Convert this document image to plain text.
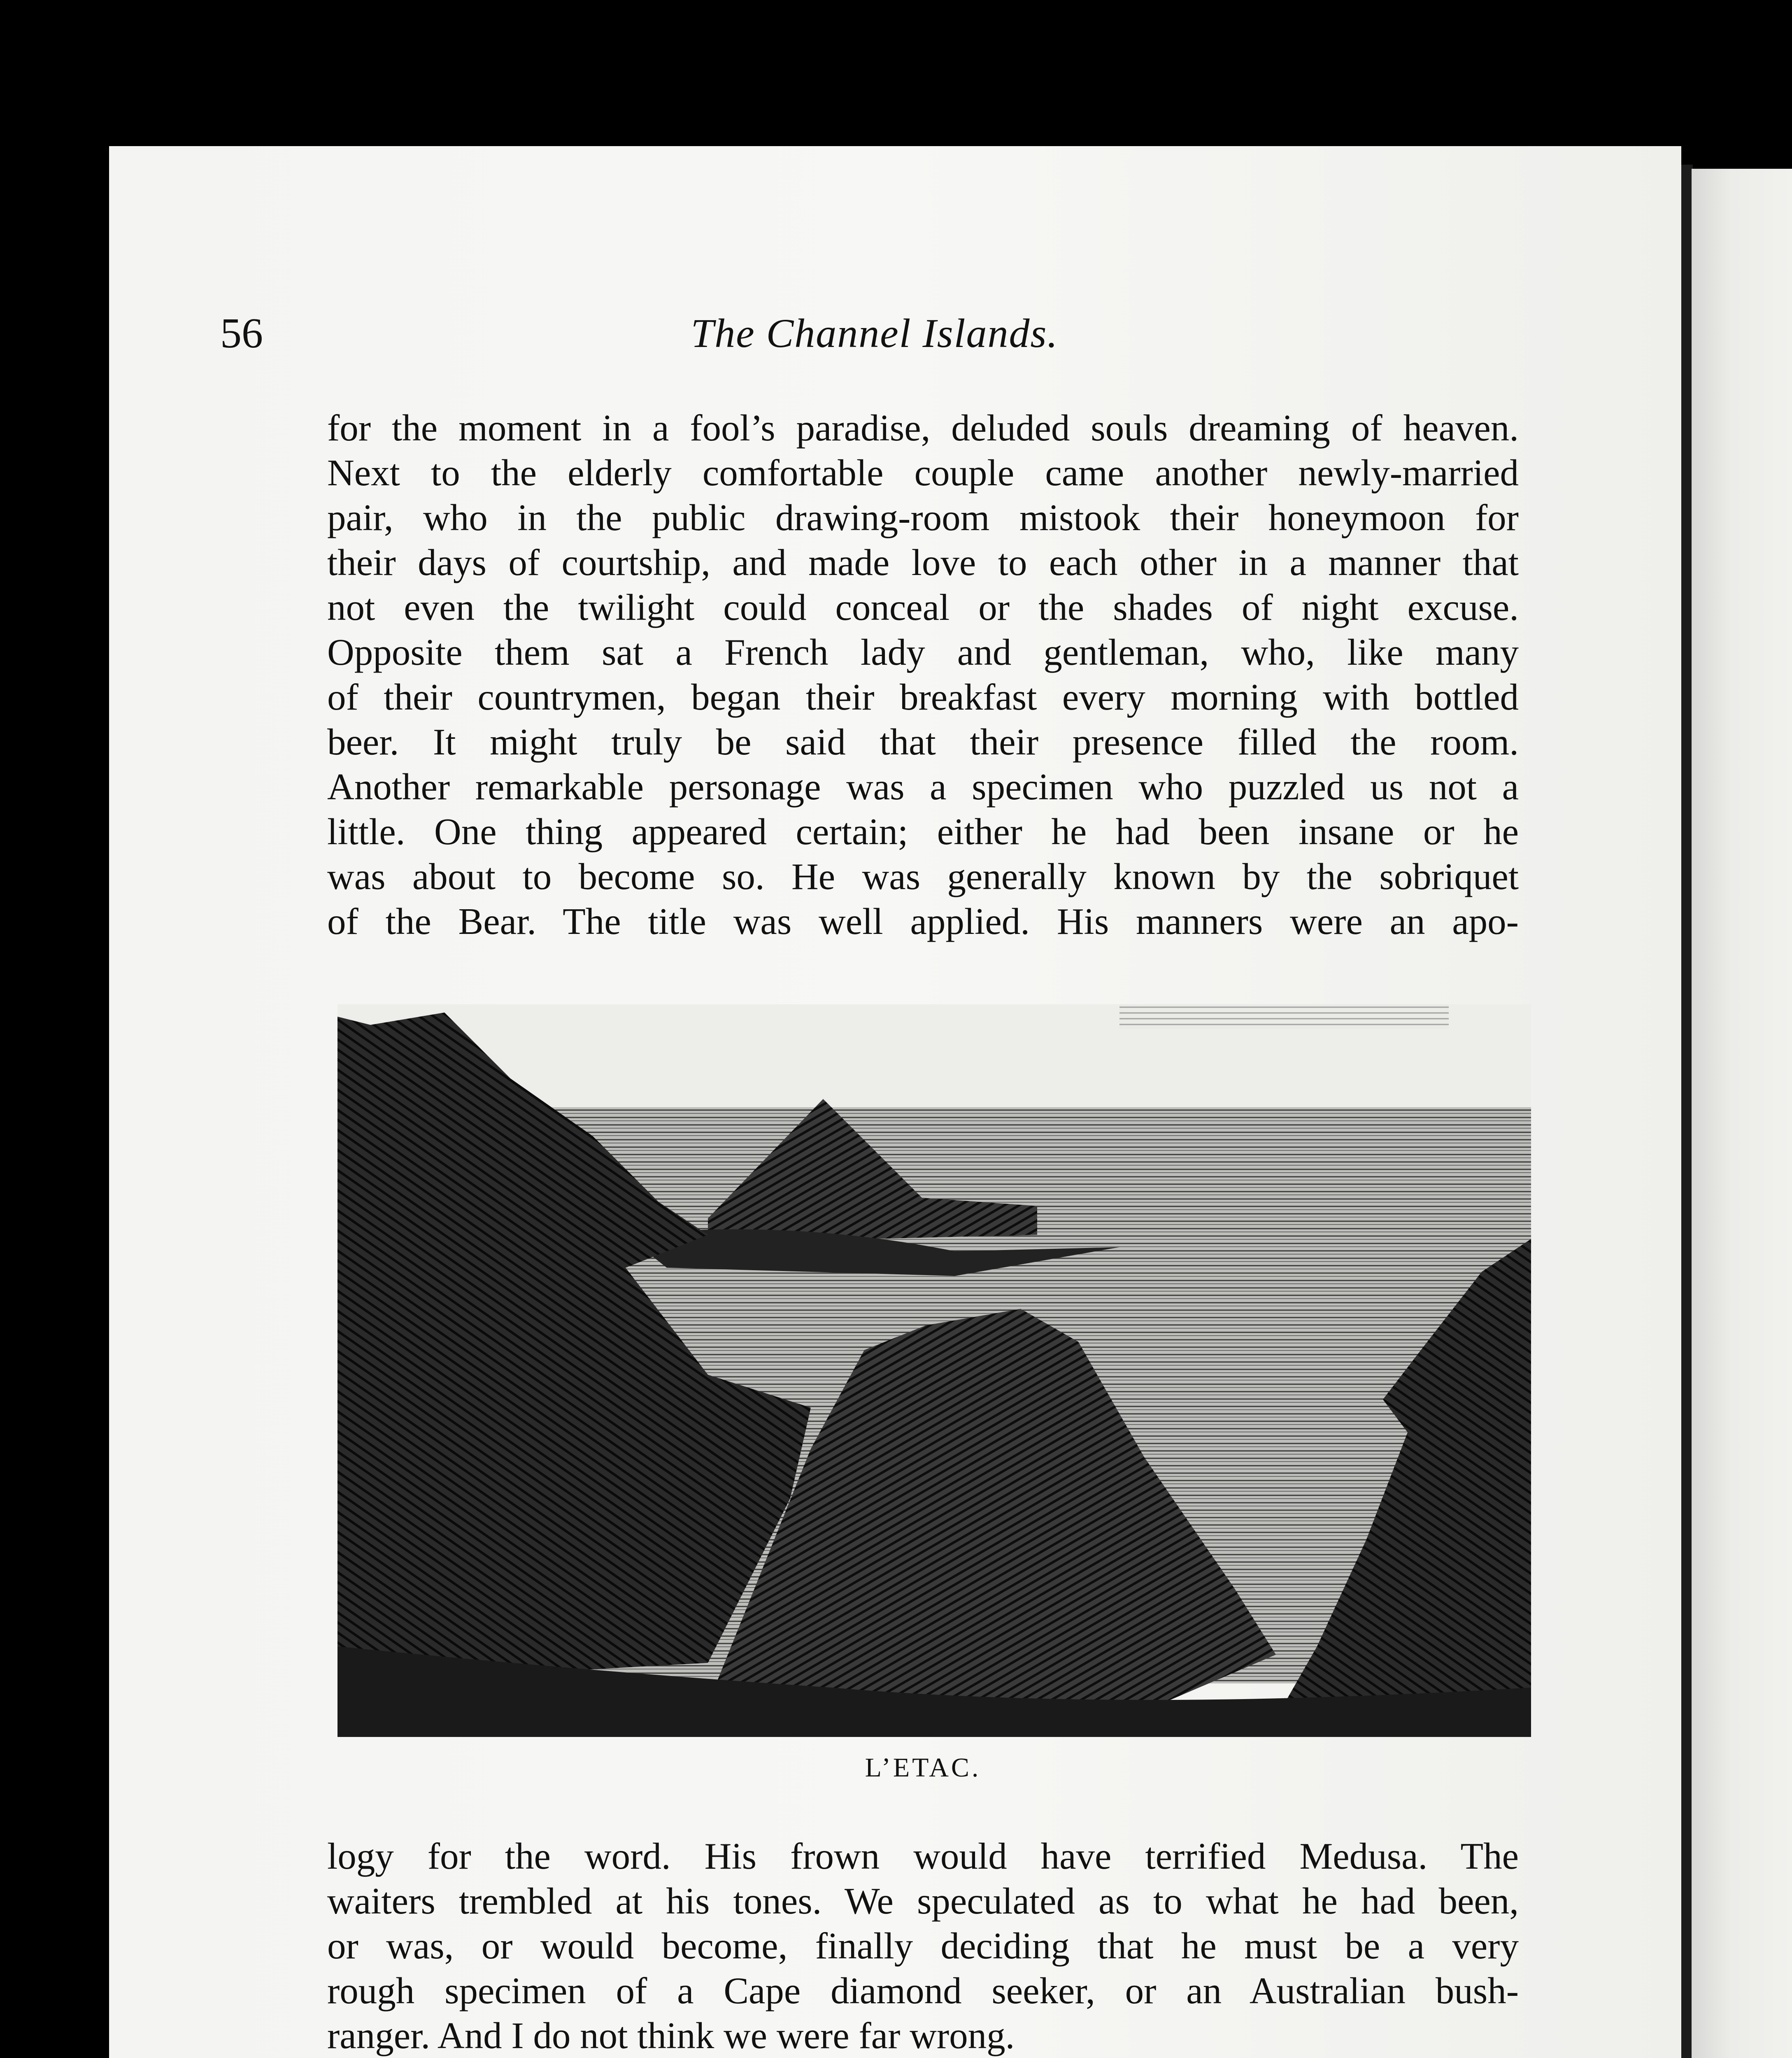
56	The Channel Islands.
for the moment in a fool’s paradise, deluded souls dreaming of heaven.
Next to the elderly comfortable couple came another newly-married
pair, who in the public drawing-room mistook their honeymoon for
their days of courtship, and made love to each other in a manner that
not even the twilight could conceal or the shades of night excuse.
Opposite them sat a French lady and gentleman, who, like many
of their countrymen, began their breakfast every morning with bottled
beer. It might truly be said that their presence filled the room.
Another remarkable personage was a specimen who puzzled us not a
little. One thing appeared certain; either he had been insane or he
was about to become so. He was generally known by the sobriquet
of the Bear. The title was well applied. His manners were an apo-
L’ETAC.
logy for the word. His frown would have terrified Medusa. The
waiters trembled at his tones. We speculated as to what he had been,
or was, or would become, finally deciding that he must be a very
rough specimen of a Cape diamond seeker, or an Australian bush-
ranger. And I do not think we were far wrong.
